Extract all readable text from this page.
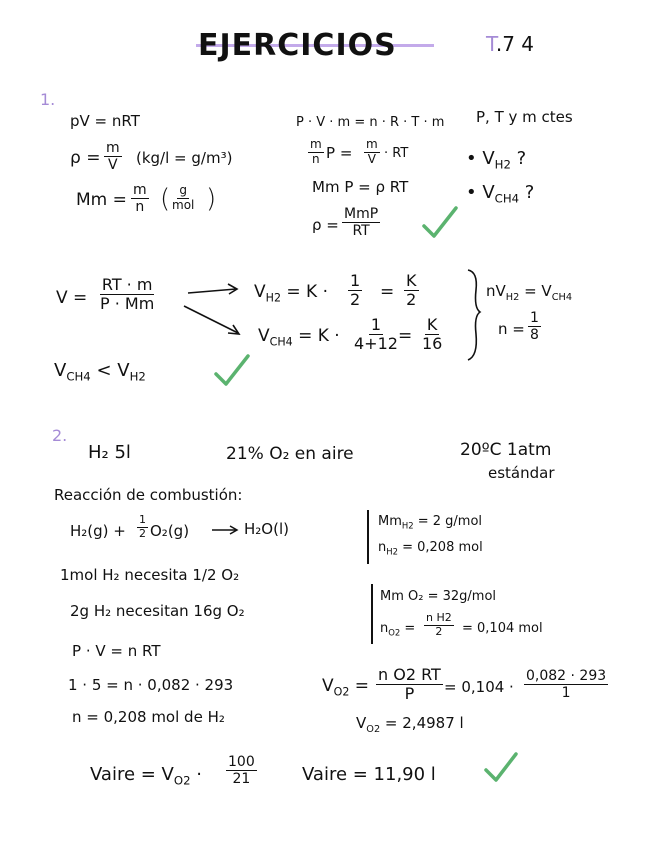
EJERCICIOS	T.7 4
1.
pV = nRT
$\rho = \frac{m}{V} (kg/l = g/m^3)$
$Mm = \frac{m}{n}$ ( g
mol )
P · V · m = n · R · T · m
$\frac{m}{n}$ $P = \frac{m}{V}$ · RT
Mm P = ρ RT
ρ =
MmP
RT
P, T y m ctes
• $V_{H2}$ ?
• $V_{CH4}$ ?
$V = \frac{RT \cdot m}{P \cdot Mm}$	$V_{H2} = K \cdot \frac{1}{2} = \frac{K}{2}$
$V_{CH4} = K \cdot \frac{1}{4+12}$
= $\frac{K}{16}$
$nV_{H2} = V_{CH4}$
$n = \frac{1}{8}$
$V_{CH4} < V_{H2}$
2.
H₂ 5l	21% O₂ en aire	20ºC 1atm
estándar
Reacción de combustión:
$H_2(g) + \frac{1}{2} O_2(g)$	H₂O(l)	$Mm_{H2} = 2$ g/mol
$n_{H2} = 0,208$ mol
1mol H₂ necesita 1/2 O₂
2g H₂ necesitan 16g O₂
Mm O₂ = 32g/mol
$n_{O2} = \frac{\text{n H2}}{2} = 0,104$ mol
P · V = n RT
1 · 5 = n · 0,082 · 293
n = 0,208 mol de H₂
$V_{O2} = \frac{\text{n O2 RT}}{P} = 0,104 \cdot \frac{0,082 \cdot 293}{1}$
$V_{O2} = 2,4987$ l
Vaire = $V_{O2} \cdot \frac{100}{21}$	Vaire = 11,90 l
